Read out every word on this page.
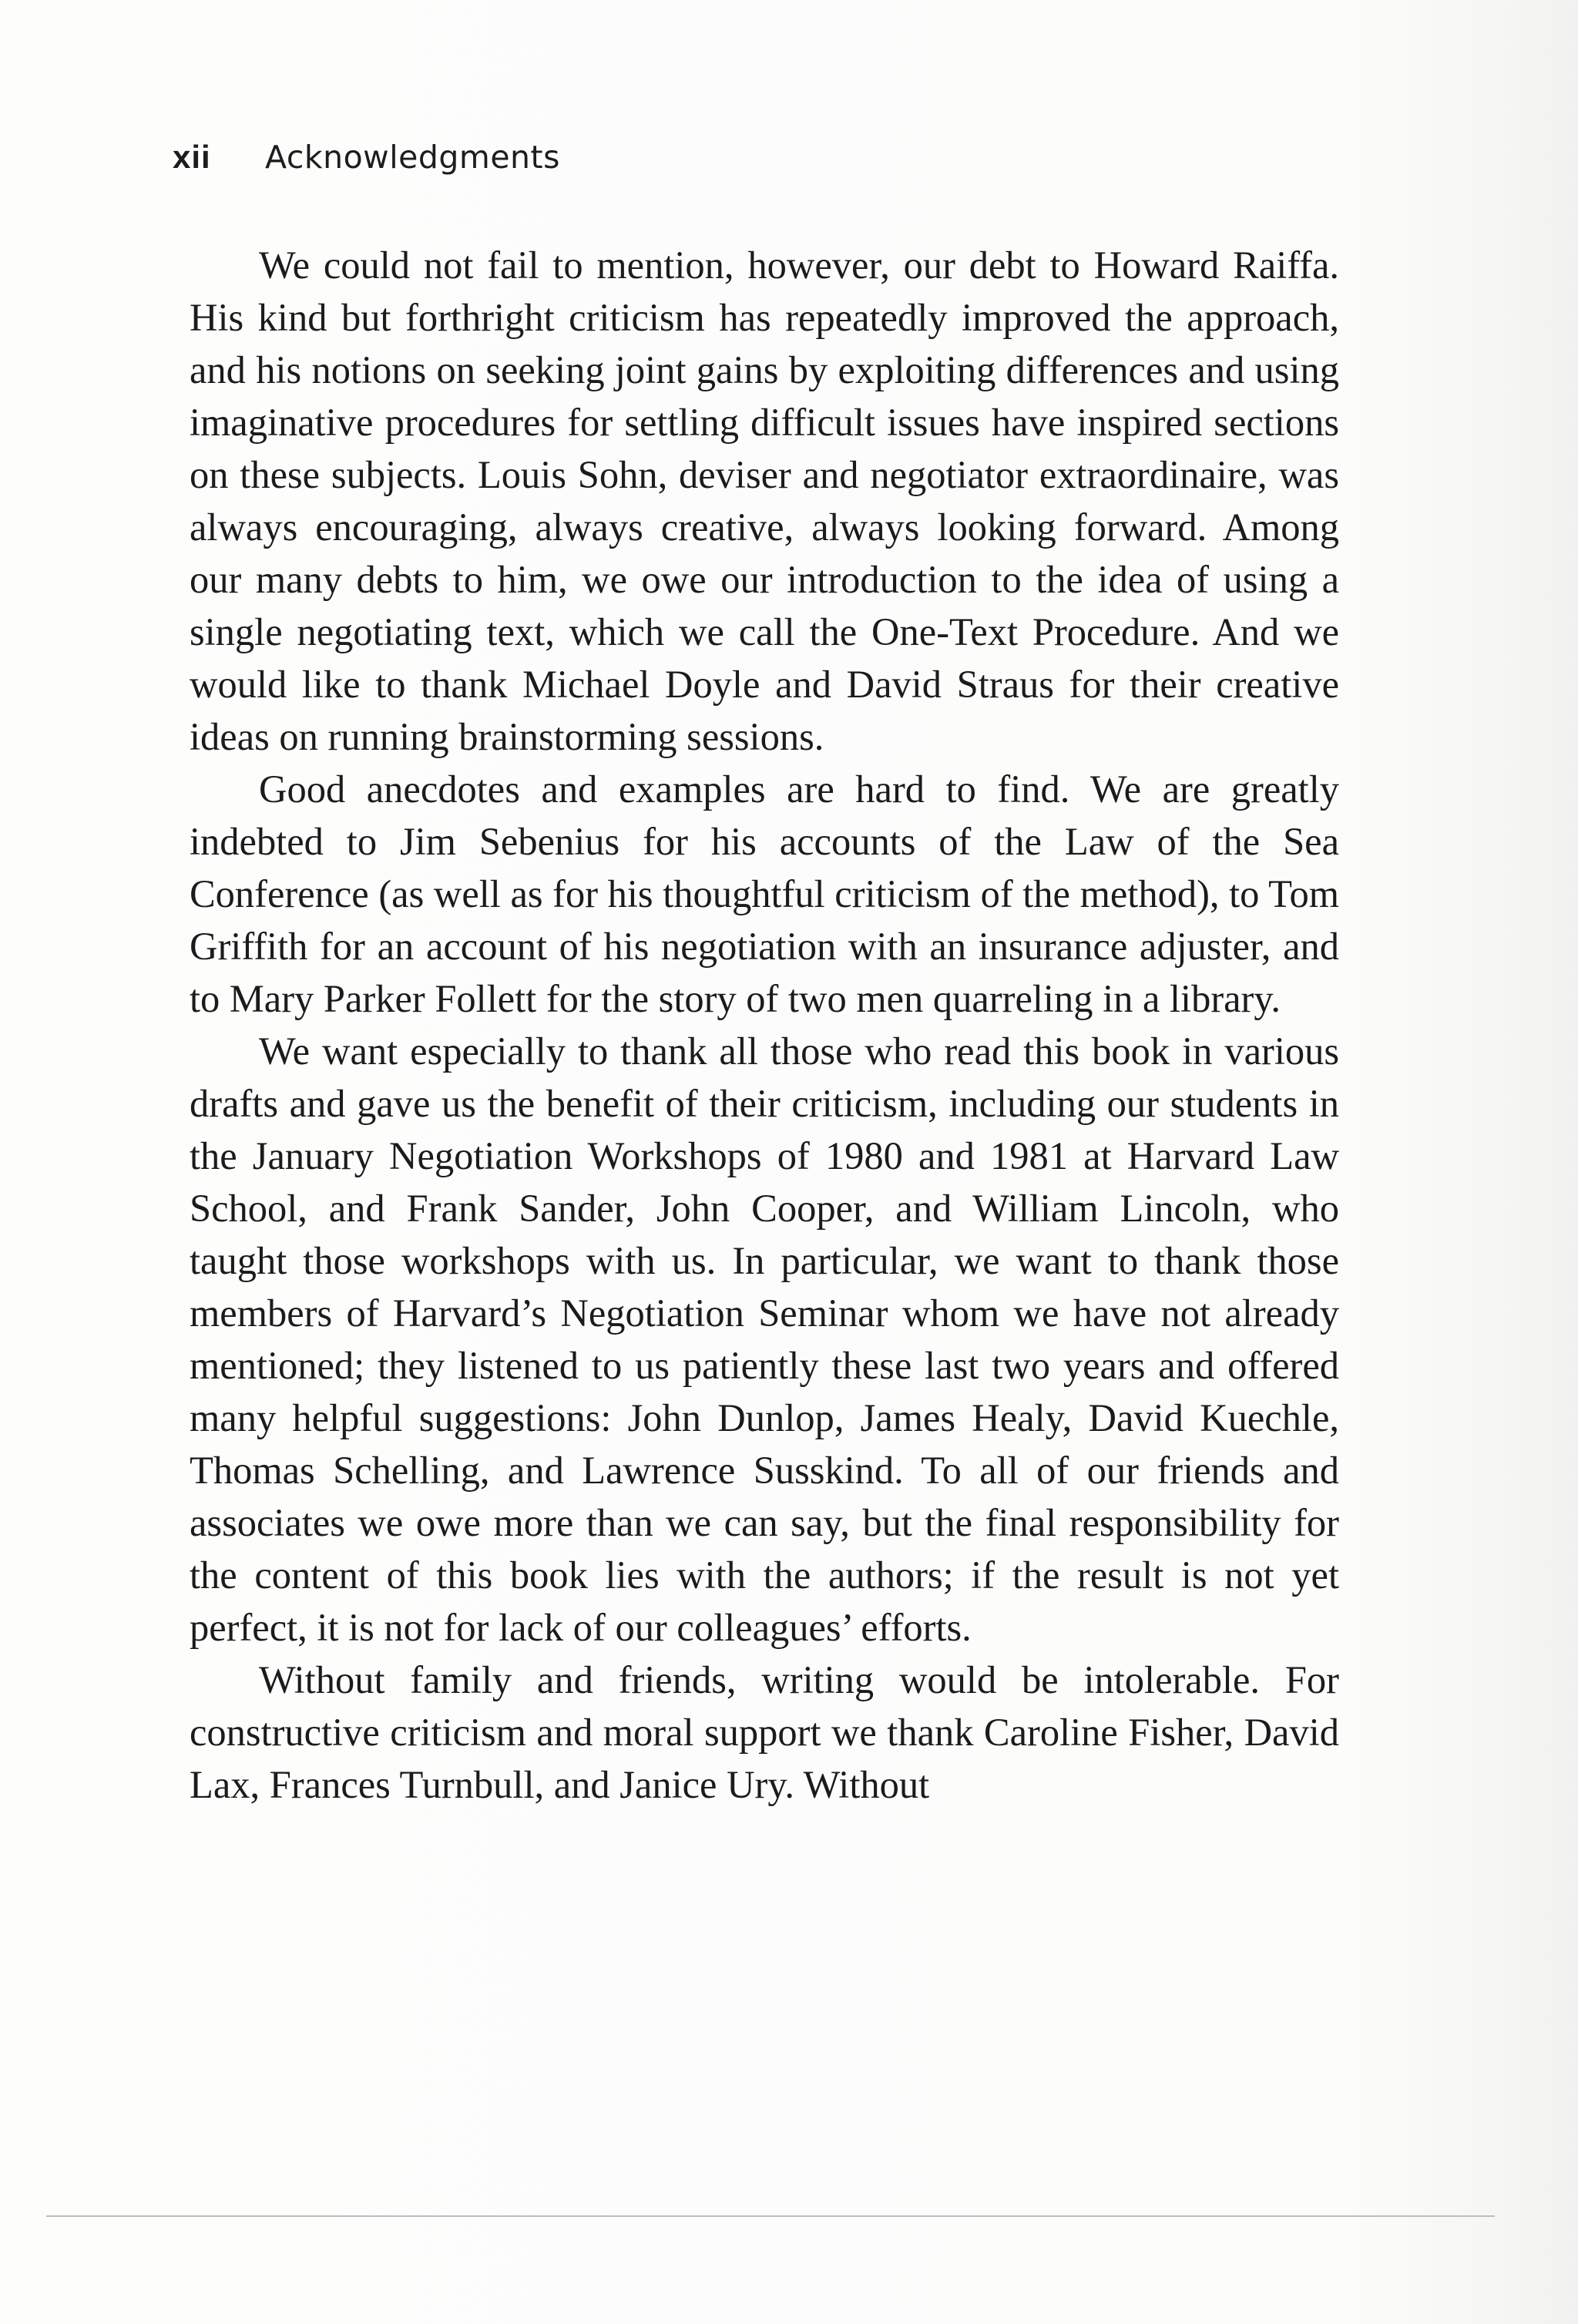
xii	Acknowledgments

We could not fail to mention, however, our debt to Howard Raiffa. His kind but forthright criticism has repeatedly improved the approach, and his notions on seeking joint gains by exploiting differences and using imaginative procedures for settling difficult issues have inspired sections on these subjects. Louis Sohn, deviser and negotiator extraordinaire, was always encouraging, always creative, always looking forward. Among our many debts to him, we owe our introduction to the idea of using a single negotiating text, which we call the One-Text Procedure. And we would like to thank Michael Doyle and David Straus for their creative ideas on running brainstorming sessions.

Good anecdotes and examples are hard to find. We are greatly indebted to Jim Sebenius for his accounts of the Law of the Sea Conference (as well as for his thoughtful criticism of the method), to Tom Griffith for an account of his negotiation with an insurance adjuster, and to Mary Parker Follett for the story of two men quarreling in a library.

We want especially to thank all those who read this book in various drafts and gave us the benefit of their criticism, including our students in the January Negotiation Workshops of 1980 and 1981 at Harvard Law School, and Frank Sander, John Cooper, and William Lincoln, who taught those workshops with us. In particular, we want to thank those members of Harvard’s Negotiation Seminar whom we have not already mentioned; they listened to us patiently these last two years and offered many helpful suggestions: John Dunlop, James Healy, David Kuechle, Thomas Schelling, and Lawrence Susskind. To all of our friends and associates we owe more than we can say, but the final responsibility for the content of this book lies with the authors; if the result is not yet perfect, it is not for lack of our colleagues’ efforts.

Without family and friends, writing would be intolerable. For constructive criticism and moral support we thank Caroline Fisher, David Lax, Frances Turnbull, and Janice Ury. Without
